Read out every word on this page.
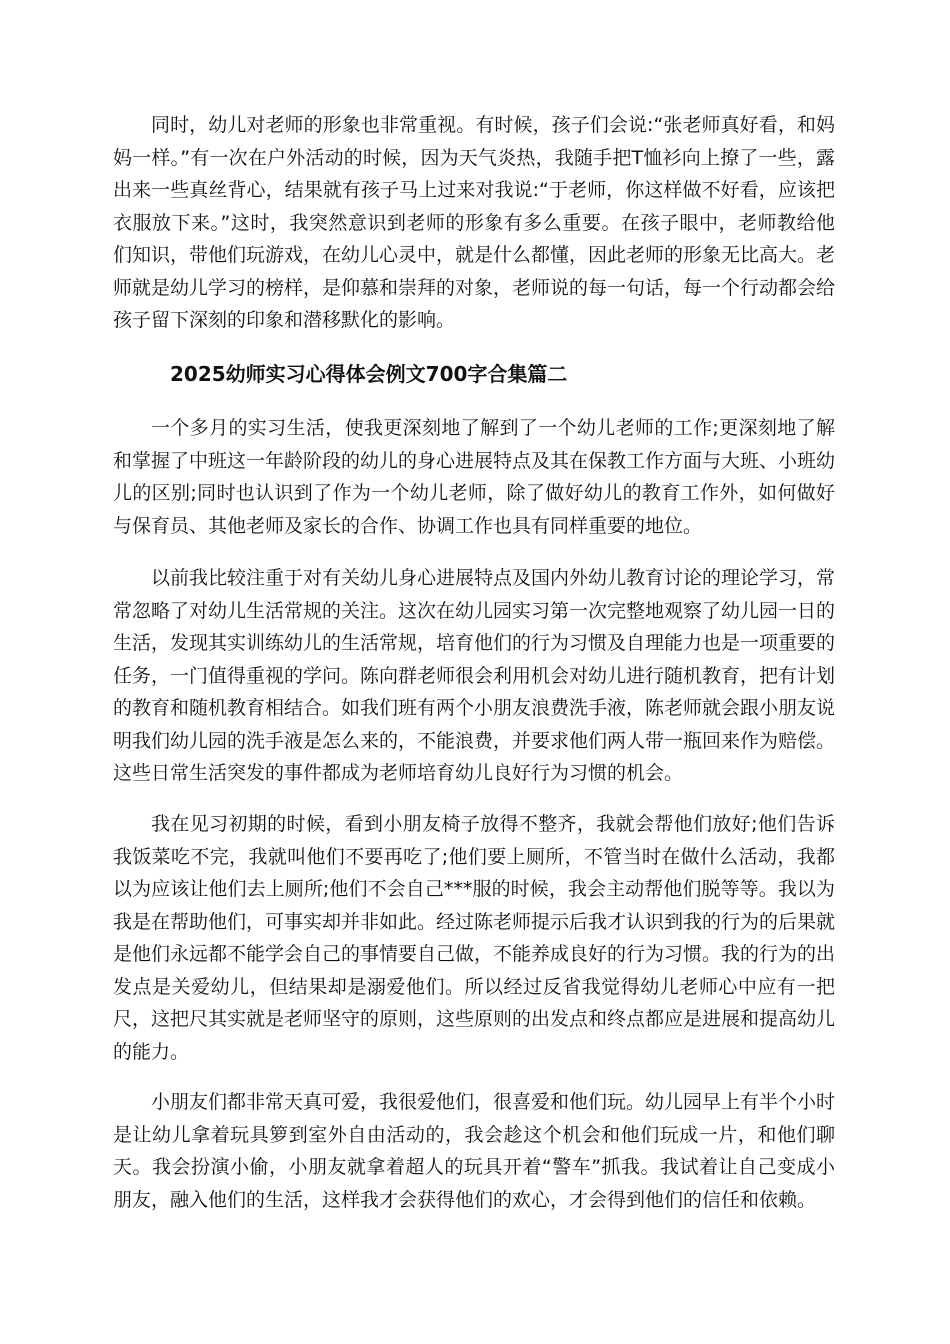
同时，幼儿对老师的形象也非常重视。有时候，孩子们会说:“张老师真好看，和妈妈一样。”有一次在户外活动的时候，因为天气炎热，我随手把T恤衫向上撩了一些，露出来一些真丝背心，结果就有孩子马上过来对我说:“于老师，你这样做不好看，应该把衣服放下来。”这时，我突然意识到老师的形象有多么重要。在孩子眼中，老师教给他们知识，带他们玩游戏，在幼儿心灵中，就是什么都懂，因此老师的形象无比高大。老师就是幼儿学习的榜样，是仰慕和崇拜的对象，老师说的每一句话，每一个行动都会给孩子留下深刻的印象和潜移默化的影响。

2025幼师实习心得体会例文700字合集篇二

一个多月的实习生活，使我更深刻地了解到了一个幼儿老师的工作;更深刻地了解和掌握了中班这一年龄阶段的幼儿的身心进展特点及其在保教工作方面与大班、小班幼儿的区别;同时也认识到了作为一个幼儿老师，除了做好幼儿的教育工作外，如何做好与保育员、其他老师及家长的合作、协调工作也具有同样重要的地位。

以前我比较注重于对有关幼儿身心进展特点及国内外幼儿教育讨论的理论学习，常常忽略了对幼儿生活常规的关注。这次在幼儿园实习第一次完整地观察了幼儿园一日的生活，发现其实训练幼儿的生活常规，培育他们的行为习惯及自理能力也是一项重要的任务，一门值得重视的学问。陈向群老师很会利用机会对幼儿进行随机教育，把有计划的教育和随机教育相结合。如我们班有两个小朋友浪费洗手液，陈老师就会跟小朋友说明我们幼儿园的洗手液是怎么来的，不能浪费，并要求他们两人带一瓶回来作为赔偿。这些日常生活突发的事件都成为老师培育幼儿良好行为习惯的机会。

我在见习初期的时候，看到小朋友椅子放得不整齐，我就会帮他们放好;他们告诉我饭菜吃不完，我就叫他们不要再吃了;他们要上厕所，不管当时在做什么活动，我都以为应该让他们去上厕所;他们不会自己***服的时候，我会主动帮他们脱等等。我以为我是在帮助他们，可事实却并非如此。经过陈老师提示后我才认识到我的行为的后果就是他们永远都不能学会自己的事情要自己做，不能养成良好的行为习惯。我的行为的出发点是关爱幼儿，但结果却是溺爱他们。所以经过反省我觉得幼儿老师心中应有一把尺，这把尺其实就是老师坚守的原则，这些原则的出发点和终点都应是进展和提高幼儿的能力。

小朋友们都非常天真可爱，我很爱他们，很喜爱和他们玩。幼儿园早上有半个小时是让幼儿拿着玩具箩到室外自由活动的，我会趁这个机会和他们玩成一片，和他们聊天。我会扮演小偷，小朋友就拿着超人的玩具开着“警车”抓我。我试着让自己变成小朋友，融入他们的生活，这样我才会获得他们的欢心，才会得到他们的信任和依赖。
